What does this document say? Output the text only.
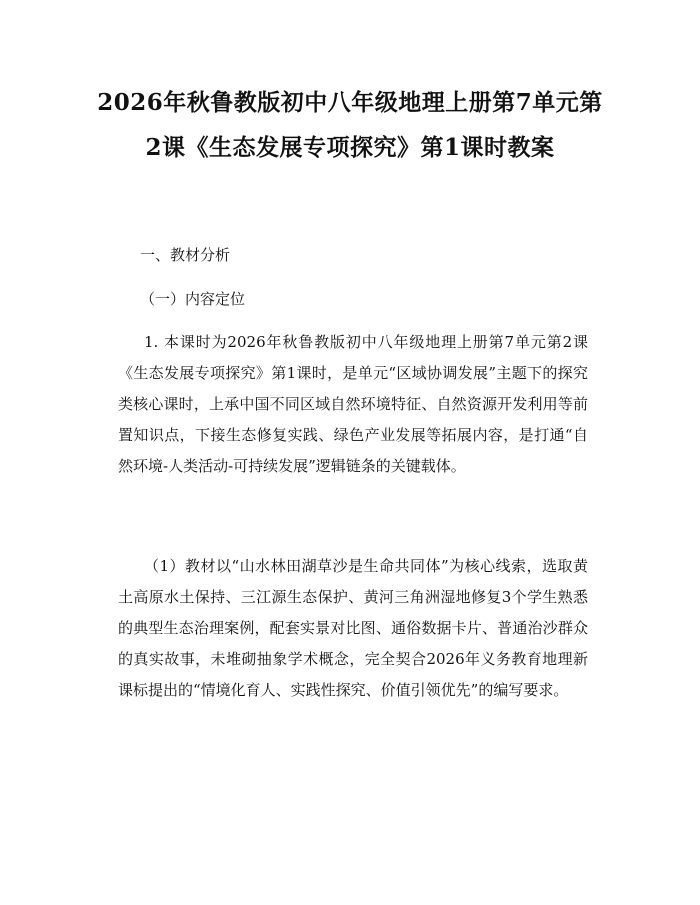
2026年秋鲁教版初中八年级地理上册第7单元第2课《生态发展专项探究》第1课时教案
一、教材分析
（一）内容定位
1. 本课时为2026年秋鲁教版初中八年级地理上册第7单元第2课《生态发展专项探究》第1课时，是单元“区域协调发展”主题下的探究类核心课时，上承中国不同区域自然环境特征、自然资源开发利用等前置知识点，下接生态修复实践、绿色产业发展等拓展内容，是打通“自然环境-人类活动-可持续发展”逻辑链条的关键载体。
（1）教材以“山水林田湖草沙是生命共同体”为核心线索，选取黄土高原水土保持、三江源生态保护、黄河三角洲湿地修复3个学生熟悉的典型生态治理案例，配套实景对比图、通俗数据卡片、普通治沙群众的真实故事，未堆砌抽象学术概念，完全契合2026年义务教育地理新课标提出的“情境化育人、实践性探究、价值引领优先”的编写要求。
